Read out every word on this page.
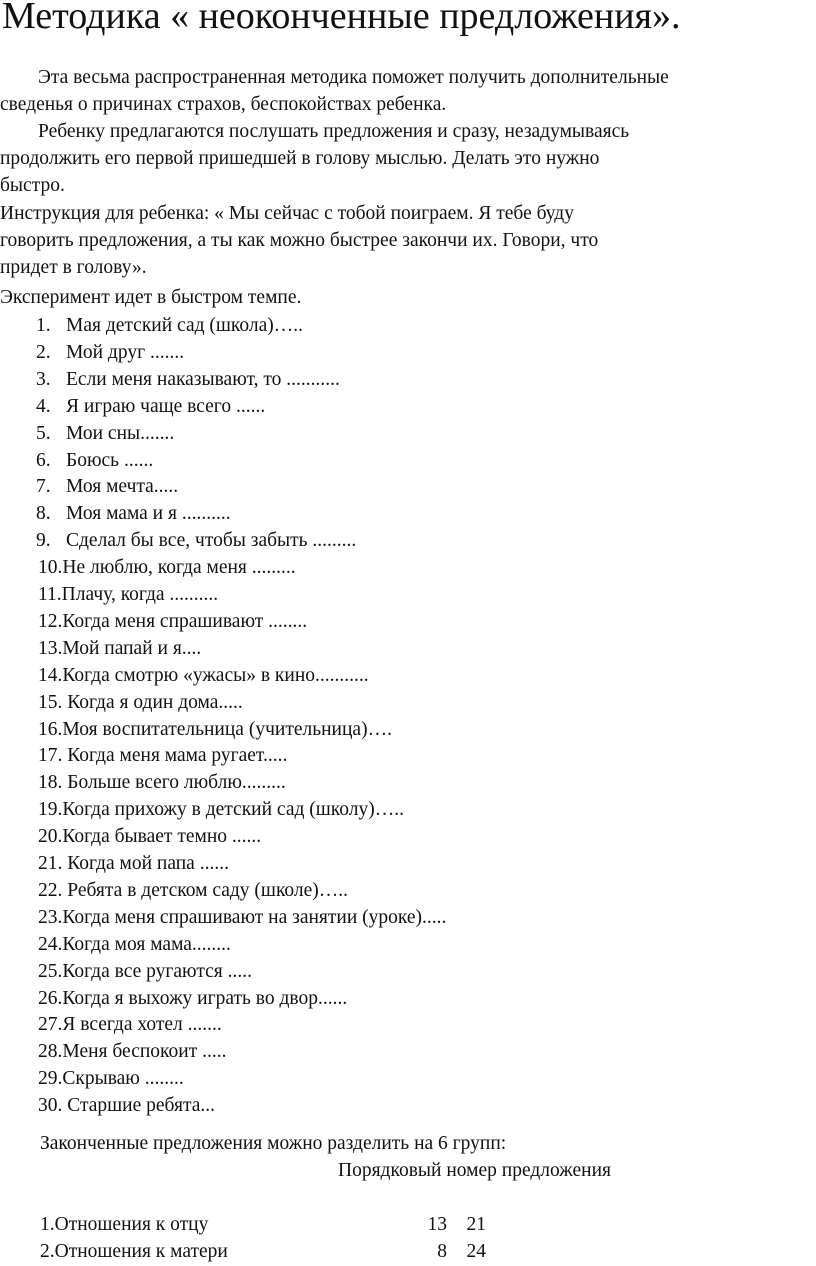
Методика « неоконченные предложения».

Эта весьма распространенная методика поможет получить дополнительные

сведенья о причинах страхов, беспокойствах ребенка.

Ребенку предлагаются послушать предложения и сразу, незадумываясь

продолжить его первой пришедшей в голову мыслью. Делать это нужно

быстро.

Инструкция для ребенка: « Мы сейчас с тобой поиграем. Я тебе буду

говорить предложения, а ты как можно быстрее закончи их. Говори, что

придет в голову».

Эксперимент идет в быстром темпе.

1. Мая детский сад (школа)…..
2. Мой друг .......
3. Если меня наказывают, то ...........
4. Я играю чаще всего ......
5. Мои сны.......
6. Боюсь ......
7. Моя мечта.....
8. Моя мама и я ..........
9. Сделал бы все, чтобы забыть .........
10.Не люблю, когда меня .........
11.Плачу, когда ..........
12.Когда меня спрашивают ........
13.Мой папай и я....
14.Когда смотрю «ужасы» в кино...........
15. Когда я один дома.....
16.Моя воспитательница (учительница)….
17. Когда меня мама ругает.....
18. Больше всего люблю.........
19.Когда прихожу в детский сад (школу)…..
20.Когда бывает темно ......
21. Когда мой папа ......
22. Ребята в детском саду (школе)…..
23.Когда меня спрашивают на занятии (уроке).....
24.Когда моя мама........
25.Когда все ругаются .....
26.Когда я выхожу играть во двор......
27.Я всегда хотел .......
28.Меня беспокоит .....
29.Скрываю ........
30. Старшие ребята...
Законченные предложения можно разделить на 6 групп:
Порядковый номер предложения
1.Отношения к отцу	13 21
2.Отношения к матери	8 24
